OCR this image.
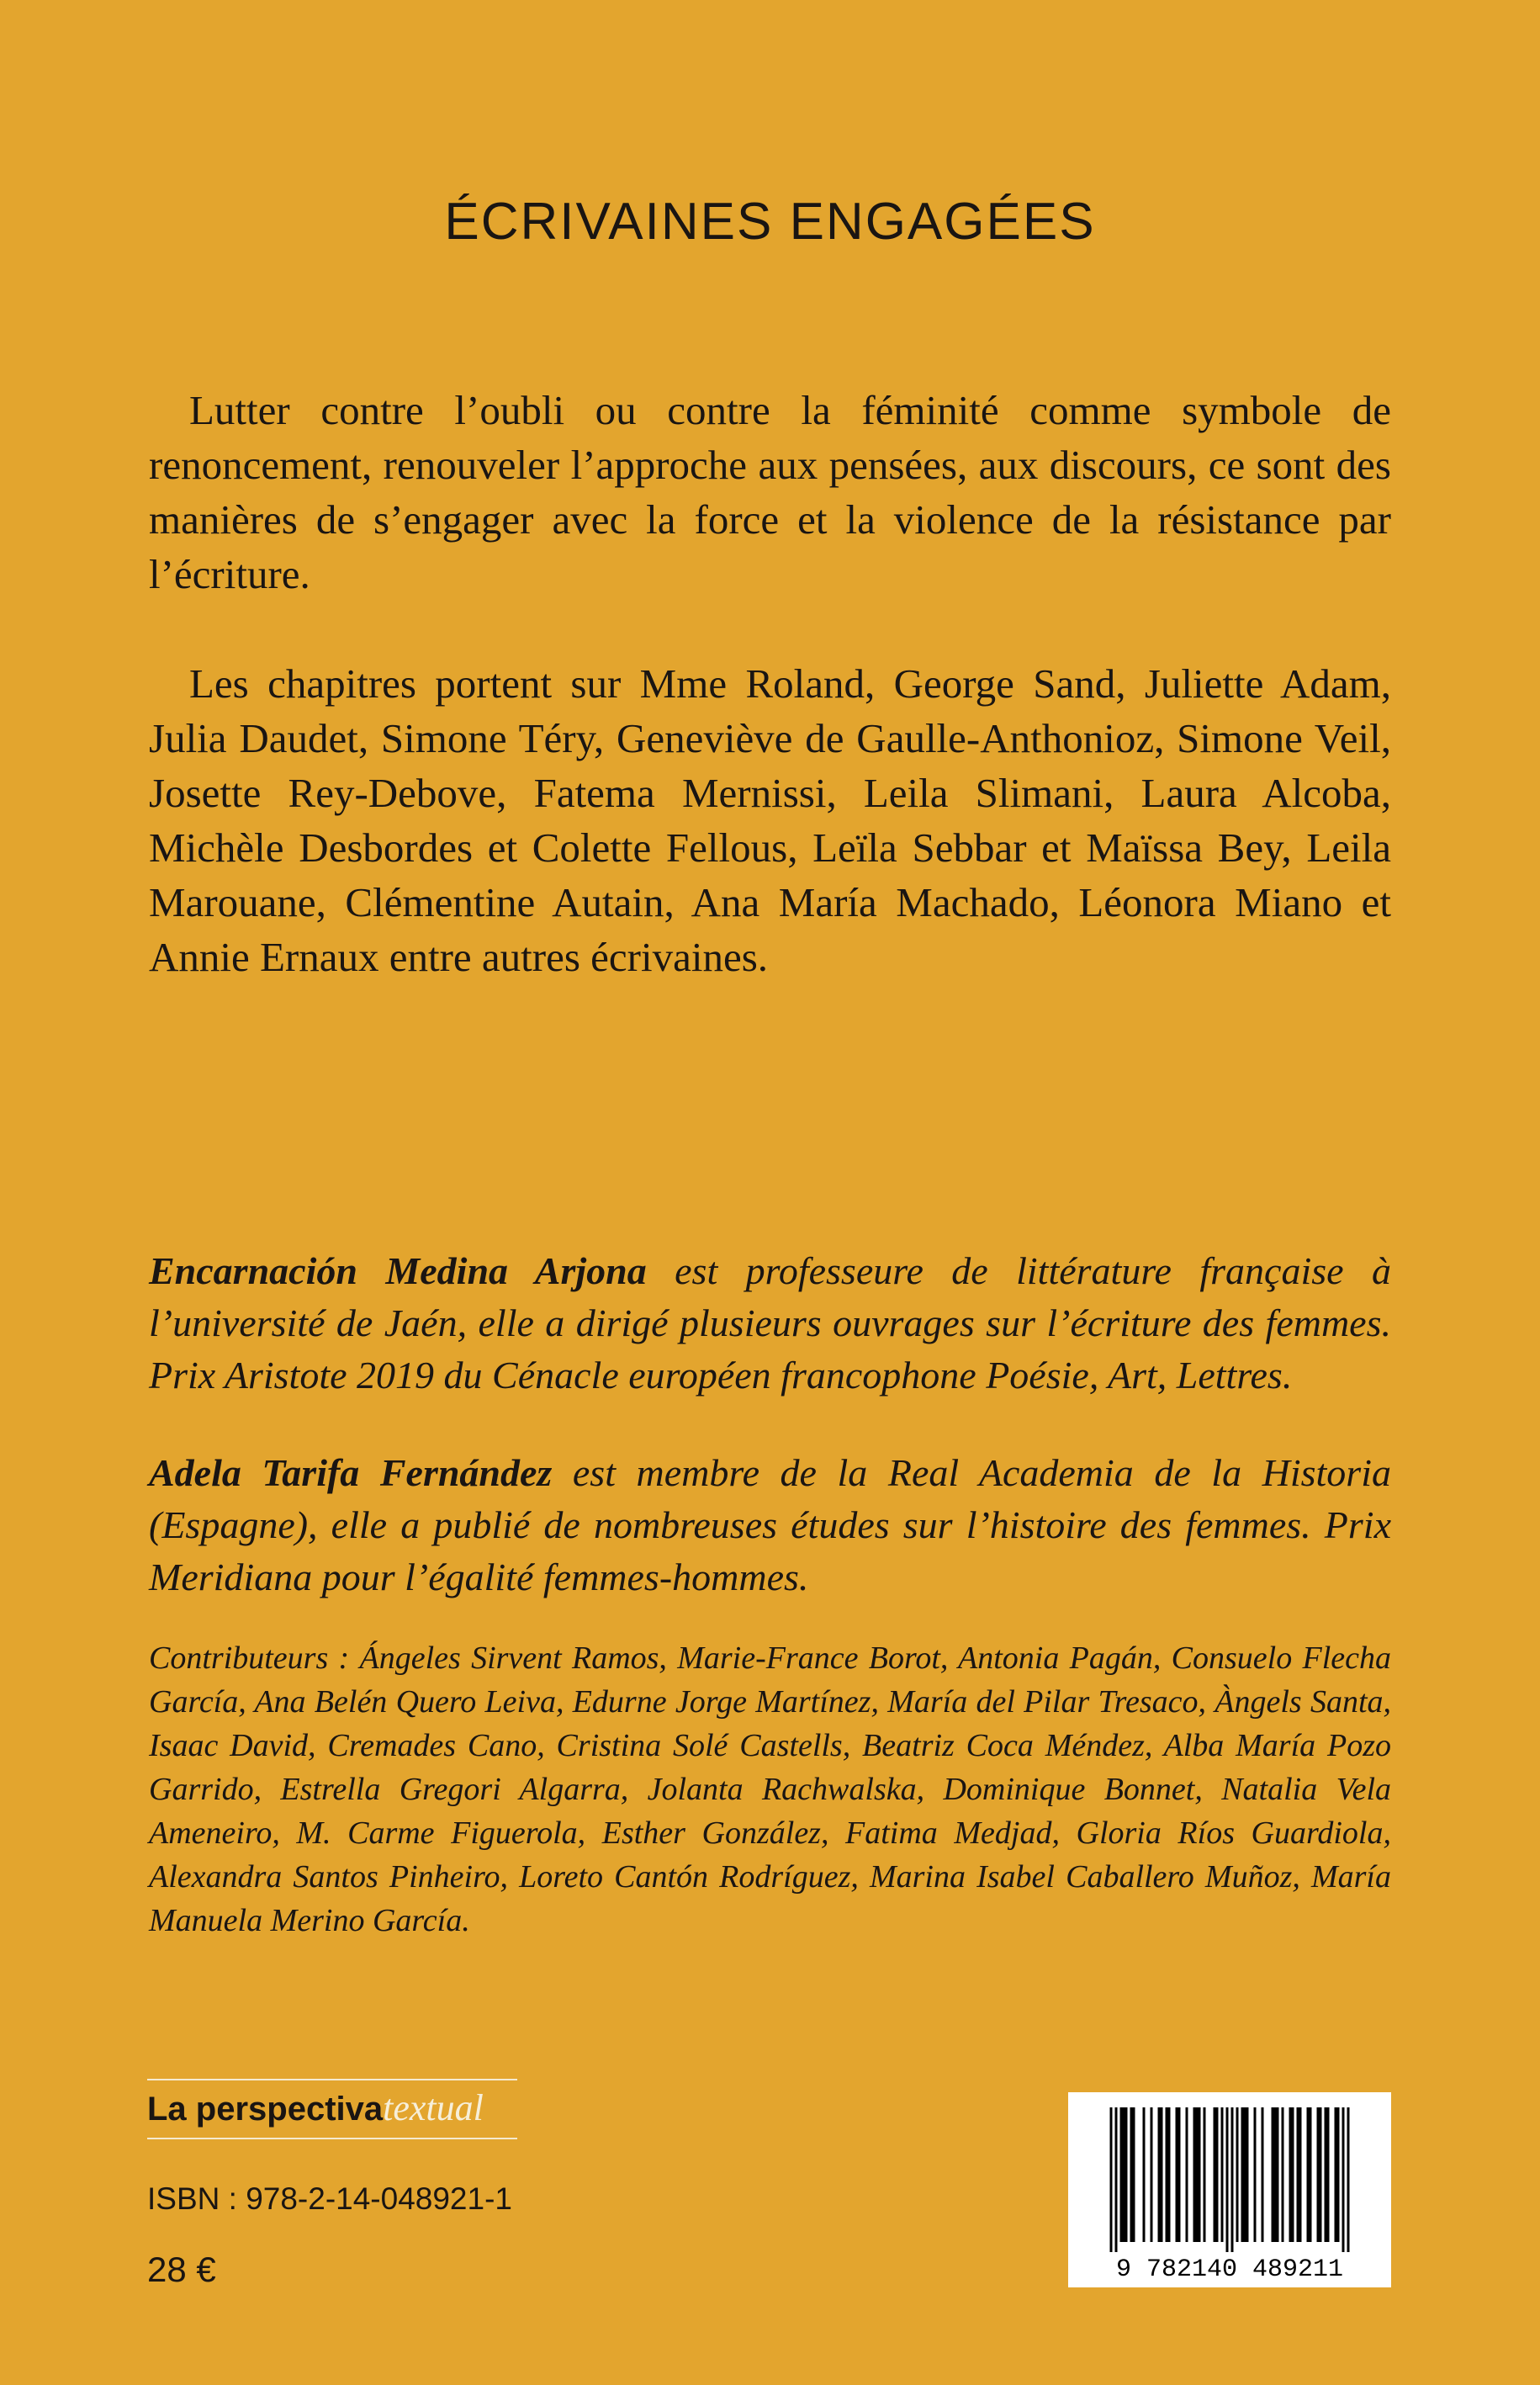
ÉCRIVAINES ENGAGÉES

Lutter contre l’oubli ou contre la féminité comme symbole de renoncement, renouveler l’approche aux pensées, aux discours, ce sont des manières de s’engager avec la force et la violence de la résistance par l’écriture.

Les chapitres portent sur Mme Roland, George Sand, Juliette Adam, Julia Daudet, Simone Téry, Geneviève de Gaulle-Anthonioz, Simone Veil, Josette Rey-Debove, Fatema Mernissi, Leila Slimani, Laura Alcoba, Michèle Desbordes et Colette Fellous, Leïla Sebbar et Maïssa Bey, Leila Marouane, Clémentine Autain, Ana María Machado, Léonora Miano et Annie Ernaux entre autres écrivaines.

Encarnación Medina Arjona est professeure de littérature française à l’université de Jaén, elle a dirigé plusieurs ouvrages sur l’écriture des femmes. Prix Aristote 2019 du Cénacle européen francophone Poésie, Art, Lettres.

Adela Tarifa Fernández est membre de la Real Academia de la Historia (Espagne), elle a publié de nombreuses études sur l’histoire des femmes. Prix Meridiana pour l’égalité femmes-hommes.

Contributeurs : Ángeles Sirvent Ramos, Marie-France Borot, Antonia Pagán, Consuelo Flecha García, Ana Belén Quero Leiva, Edurne Jorge Martínez, María del Pilar Tresaco, Àngels Santa, Isaac David, Cremades Cano, Cristina Solé Castells, Beatriz Coca Méndez, Alba María Pozo Garrido, Estrella Gregori Algarra, Jolanta Rachwalska, Dominique Bonnet, Natalia Vela Ameneiro, M. Carme Figuerola, Esther González, Fatima Medjad, Gloria Ríos Guardiola, Alexandra Santos Pinheiro, Loreto Cantón Rodríguez, Marina Isabel Caballero Muñoz, María Manuela Merino García.

La perspectivatextual
ISBN : 978-2-14-048921-1
28 €	9 782140 489211
